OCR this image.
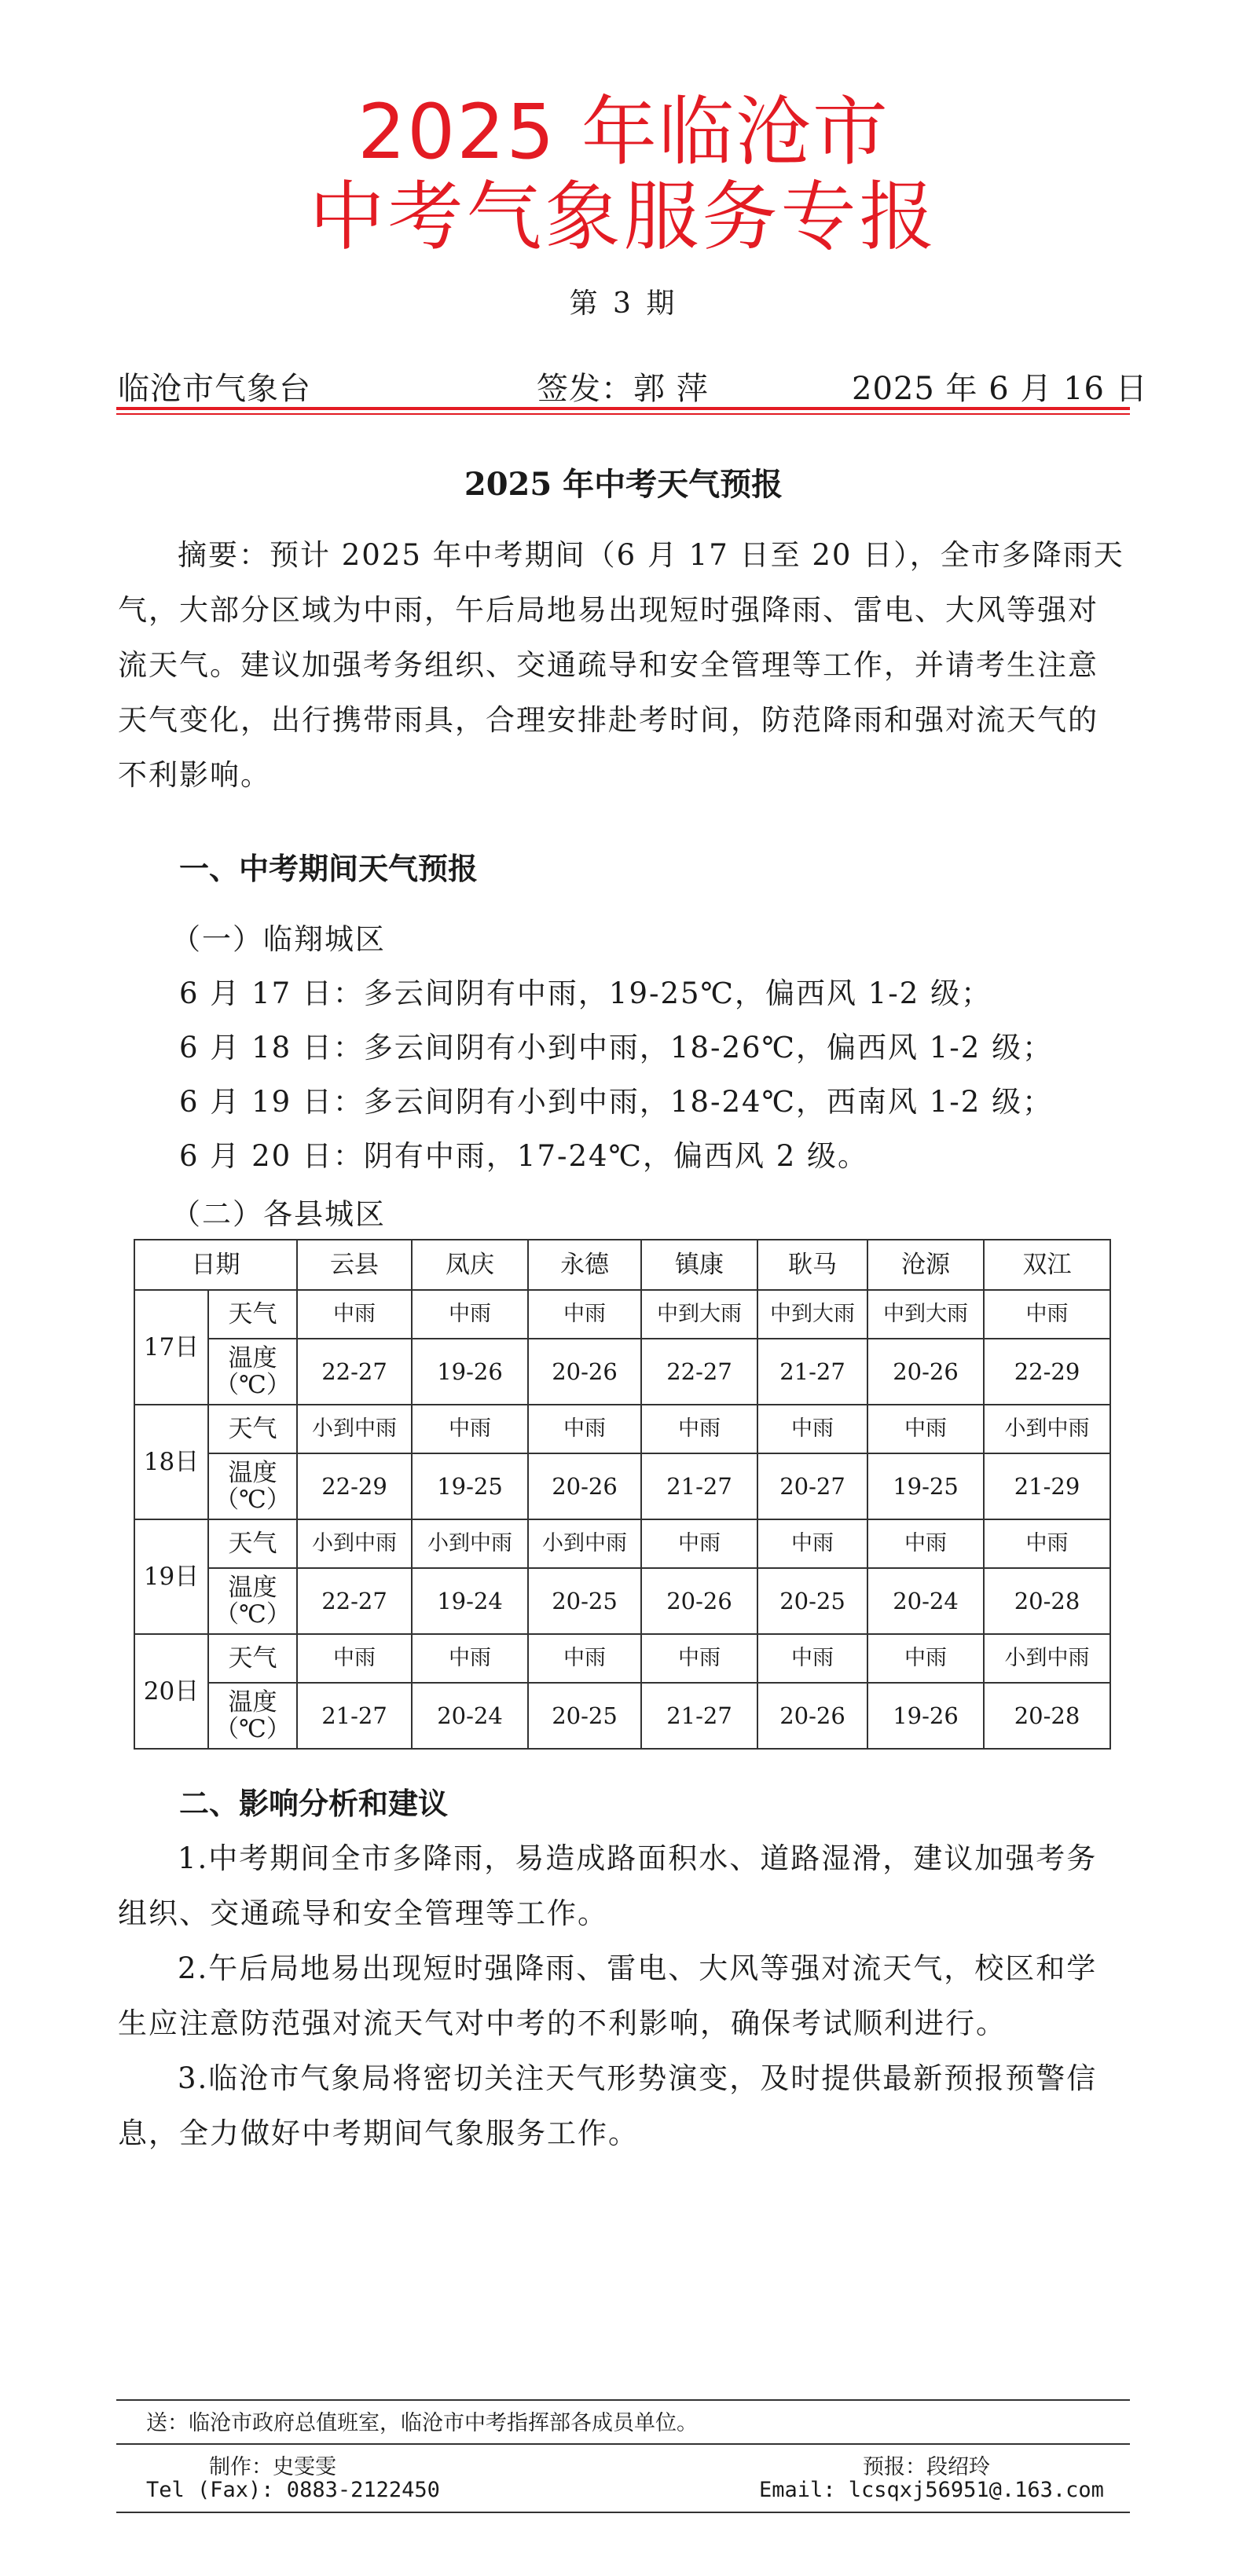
2025 年临沧市
中考气象服务专报
第 3 期
临沧市气象台	签发：郭 萍	2025 年 6 月 16 日
2025 年中考天气预报
摘要：预计 2025 年中考期间（6 月 17 日至 20 日），全市多降雨天气，大部分区域为中雨，午后局地易出现短时强降雨、雷电、大风等强对流天气。建议加强考务组织、交通疏导和安全管理等工作，并请考生注意天气变化，出行携带雨具，合理安排赴考时间，防范降雨和强对流天气的不利影响。
一、中考期间天气预报
（一）临翔城区
6 月 17 日：多云间阴有中雨，19-25℃，偏西风 1-2 级；
6 月 18 日：多云间阴有小到中雨，18-26℃，偏西风 1-2 级；
6 月 19 日：多云间阴有小到中雨，18-24℃，西南风 1-2 级；
6 月 20 日：阴有中雨，17-24℃，偏西风 2 级。
（二）各县城区
日期		云县	凤庆	永德	镇康	耿马	沧源	双江
17日	天气	中雨	中雨	中雨	中到大雨	中到大雨	中到大雨	中雨
	温度（℃）	22-27	19-26	20-26	22-27	21-27	20-26	22-29
18日	天气	小到中雨	中雨	中雨	中雨	中雨	中雨	小到中雨
	温度（℃）	22-29	19-25	20-26	21-27	20-27	19-25	21-29
19日	天气	小到中雨	小到中雨	小到中雨	中雨	中雨	中雨	中雨
	温度（℃）	22-27	19-24	20-25	20-26	20-25	20-24	20-28
20日	天气	中雨	中雨	中雨	中雨	中雨	中雨	小到中雨
	温度（℃）	21-27	20-24	20-25	21-27	20-26	19-26	20-28
二、影响分析和建议
1.中考期间全市多降雨，易造成路面积水、道路湿滑，建议加强考务组织、交通疏导和安全管理等工作。
2.午后局地易出现短时强降雨、雷电、大风等强对流天气，校区和学生应注意防范强对流天气对中考的不利影响，确保考试顺利进行。
3.临沧市气象局将密切关注天气形势演变，及时提供最新预报预警信息，全力做好中考期间气象服务工作。
送：临沧市政府总值班室，临沧市中考指挥部各成员单位。
制作：史雯雯	预报：段绍玲
Tel (Fax): 0883-2122450	Email: lcsqxj56951@.163.com
